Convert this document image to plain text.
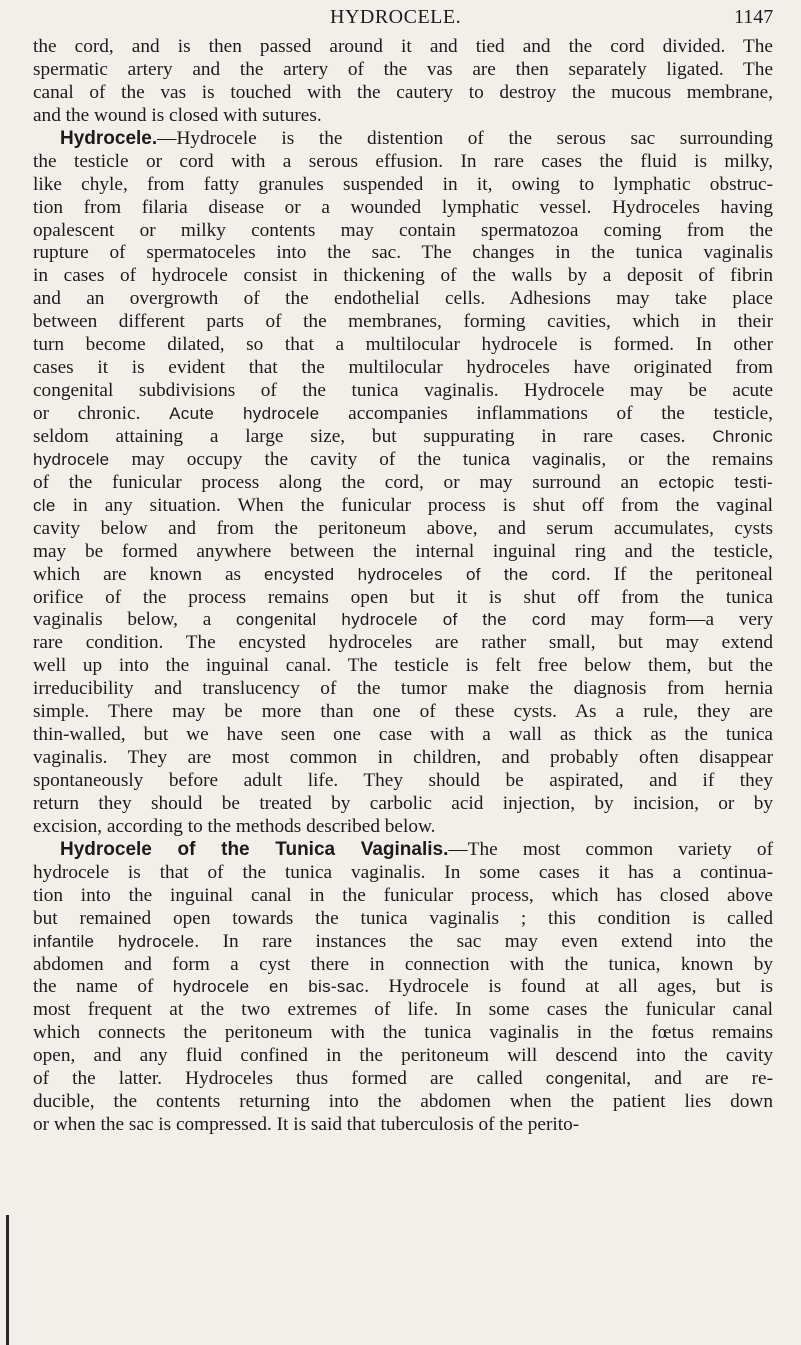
HYDROCELE.	1147
the cord, and is then passed around it and tied and the cord divided. The
spermatic artery and the artery of the vas are then separately ligated. The
canal of the vas is touched with the cautery to destroy the mucous membrane,
and the wound is closed with sutures.
Hydrocele.—Hydrocele is the distention of the serous sac surrounding
the testicle or cord with a serous effusion. In rare cases the fluid is milky,
like chyle, from fatty granules suspended in it, owing to lymphatic obstruc-
tion from filaria disease or a wounded lymphatic vessel. Hydroceles having
opalescent or milky contents may contain spermatozoa coming from the
rupture of spermatoceles into the sac. The changes in the tunica vaginalis
in cases of hydrocele consist in thickening of the walls by a deposit of fibrin
and an overgrowth of the endothelial cells. Adhesions may take place
between different parts of the membranes, forming cavities, which in their
turn become dilated, so that a multilocular hydrocele is formed. In other
cases it is evident that the multilocular hydroceles have originated from
congenital subdivisions of the tunica vaginalis. Hydrocele may be acute
or chronic. Acute hydrocele accompanies inflammations of the testicle,
seldom attaining a large size, but suppurating in rare cases. Chronic
hydrocele may occupy the cavity of the tunica vaginalis, or the remains
of the funicular process along the cord, or may surround an ectopic testi-
cle in any situation. When the funicular process is shut off from the vaginal
cavity below and from the peritoneum above, and serum accumulates, cysts
may be formed anywhere between the internal inguinal ring and the testicle,
which are known as encysted hydroceles of the cord. If the peritoneal
orifice of the process remains open but it is shut off from the tunica
vaginalis below, a congenital hydrocele of the cord may form—a very
rare condition. The encysted hydroceles are rather small, but may extend
well up into the inguinal canal. The testicle is felt free below them, but the
irreducibility and translucency of the tumor make the diagnosis from hernia
simple. There may be more than one of these cysts. As a rule, they are
thin-walled, but we have seen one case with a wall as thick as the tunica
vaginalis. They are most common in children, and probably often disappear
spontaneously before adult life. They should be aspirated, and if they
return they should be treated by carbolic acid injection, by incision, or by
excision, according to the methods described below.
Hydrocele of the Tunica Vaginalis.—The most common variety of
hydrocele is that of the tunica vaginalis. In some cases it has a continua-
tion into the inguinal canal in the funicular process, which has closed above
but remained open towards the tunica vaginalis ; this condition is called
infantile hydrocele. In rare instances the sac may even extend into the
abdomen and form a cyst there in connection with the tunica, known by
the name of hydrocele en bis-sac. Hydrocele is found at all ages, but is
most frequent at the two extremes of life. In some cases the funicular canal
which connects the peritoneum with the tunica vaginalis in the fœtus remains
open, and any fluid confined in the peritoneum will descend into the cavity
of the latter. Hydroceles thus formed are called congenital, and are re-
ducible, the contents returning into the abdomen when the patient lies down
or when the sac is compressed. It is said that tuberculosis of the perito-
